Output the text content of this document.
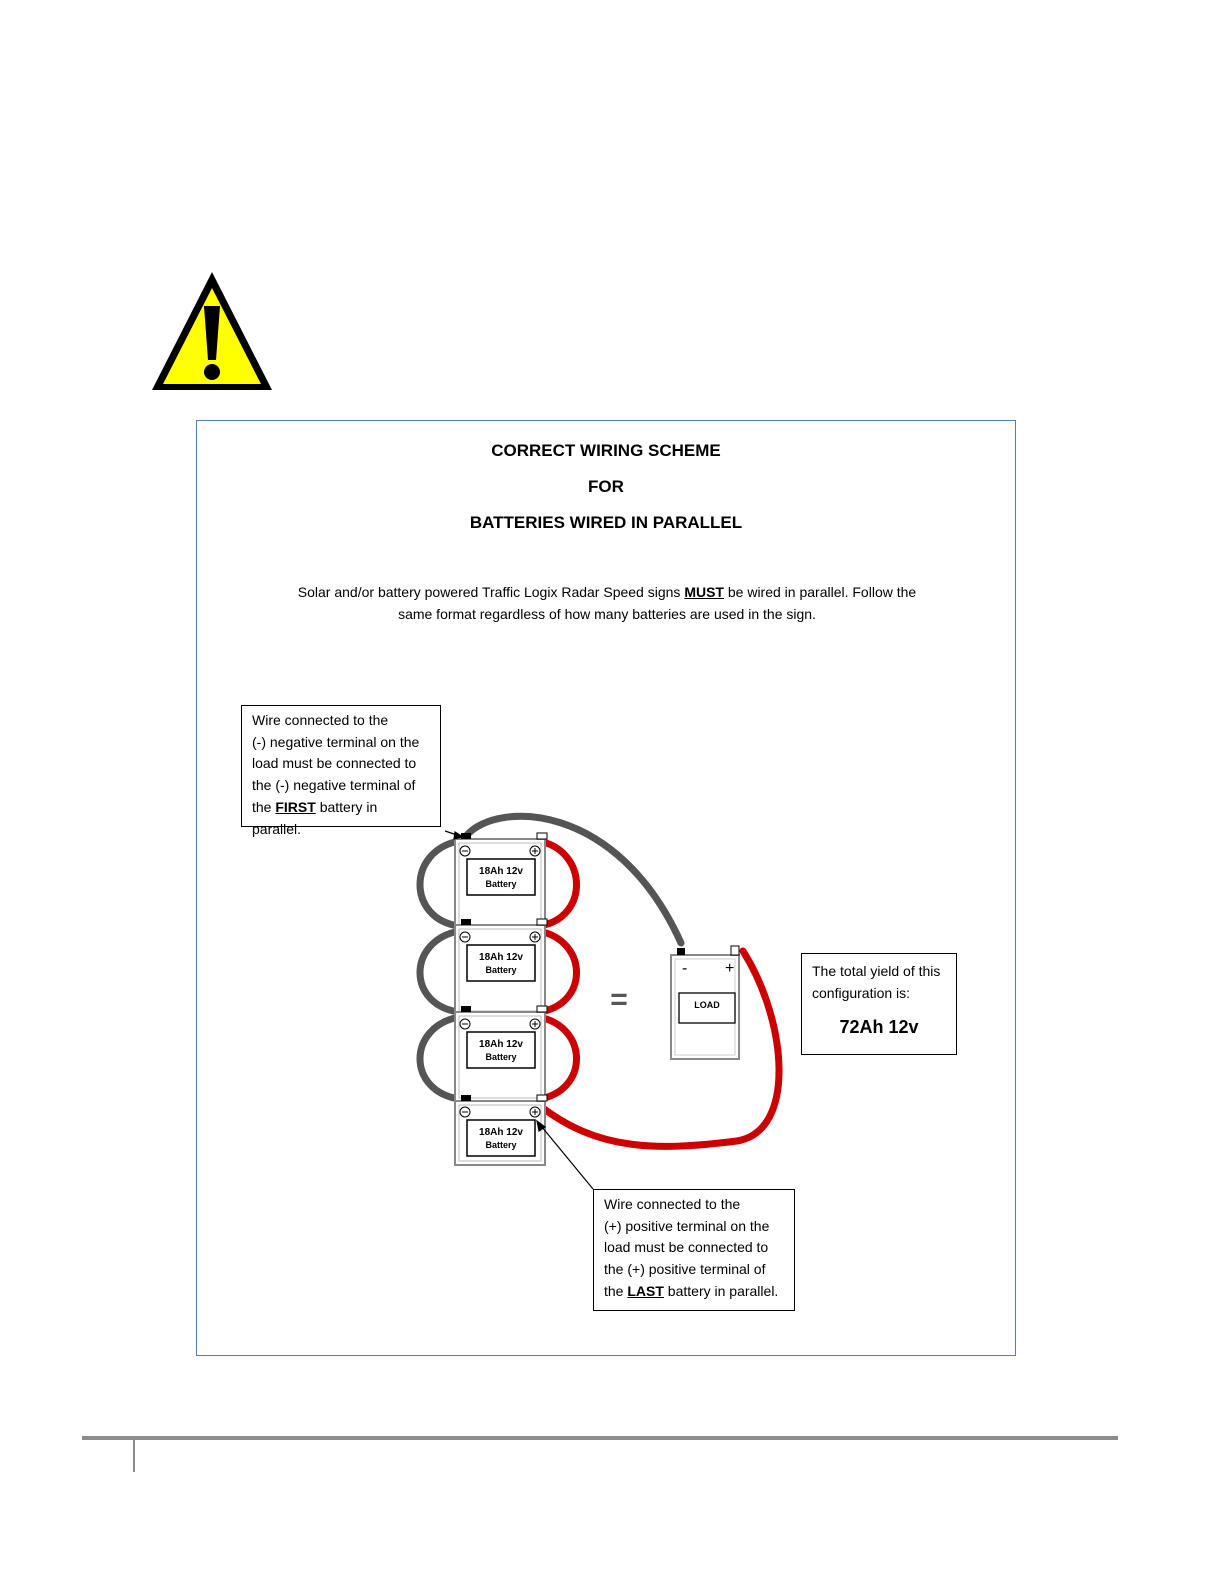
CORRECT WIRING SCHEME
FOR
BATTERIES WIRED IN PARALLEL
Solar and/or battery powered Traffic Logix Radar Speed signs MUST be wired in parallel. Follow the
same format regardless of how many batteries are used in the sign.
18Ah 12v
Battery
18Ah 12v
Battery
18Ah 12v
Battery
18Ah 12v
Battery
=
- +
LOAD
Wire connected to the
(-) negative terminal on the
load must be connected to
the (-) negative terminal of
the FIRST battery in parallel.
Wire connected to the
(+) positive terminal on the
load must be connected to
the (+) positive terminal of
the LAST battery in parallel.
The total yield of this
configuration is:
72Ah 12v
